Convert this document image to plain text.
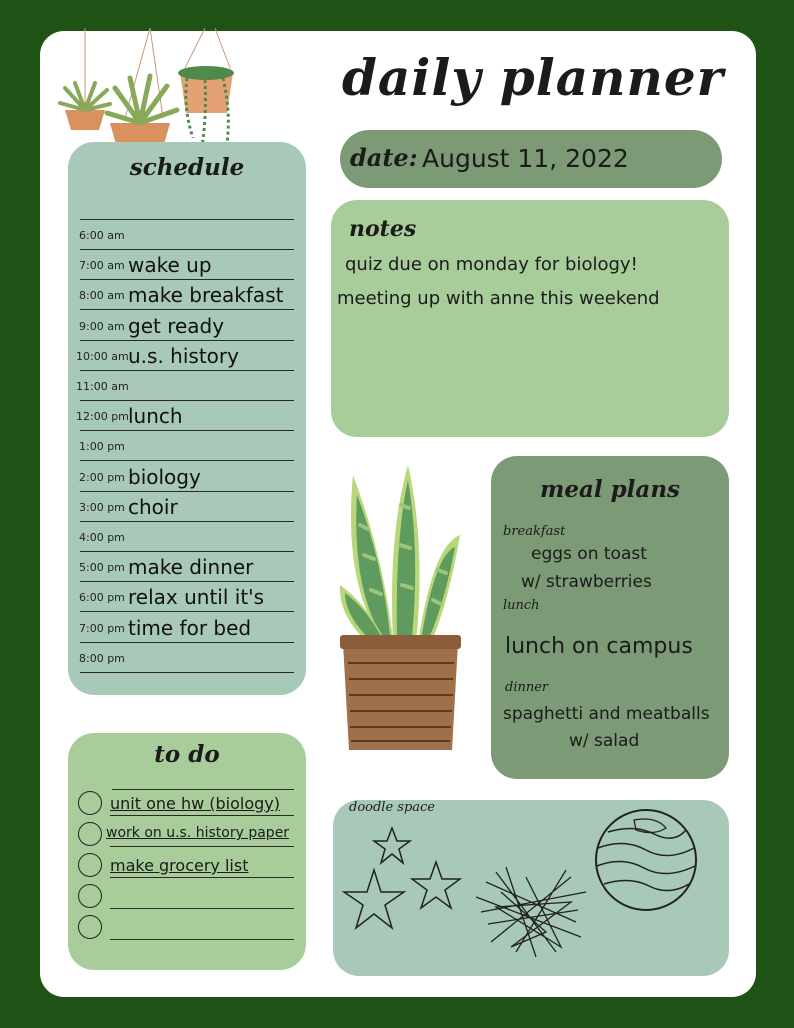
daily planner
date: August 11, 2022
schedule
6:00 am
7:00 am wake up
8:00 am make breakfast
9:00 am get ready
10:00 am u.s. history
11:00 am
12:00 pm lunch
1:00 pm
2:00 pm biology
3:00 pm choir
4:00 pm
5:00 pm make dinner
6:00 pm relax until it's
7:00 pm time for bed
8:00 pm
notes
quiz due on monday for biology!
meeting up with anne this weekend
meal plans
breakfast
eggs on toast
w/ strawberries
lunch
lunch on campus
dinner
spaghetti and meatballs
w/ salad
to do
unit one hw (biology)
work on u.s. history paper
make grocery list
doodle space
